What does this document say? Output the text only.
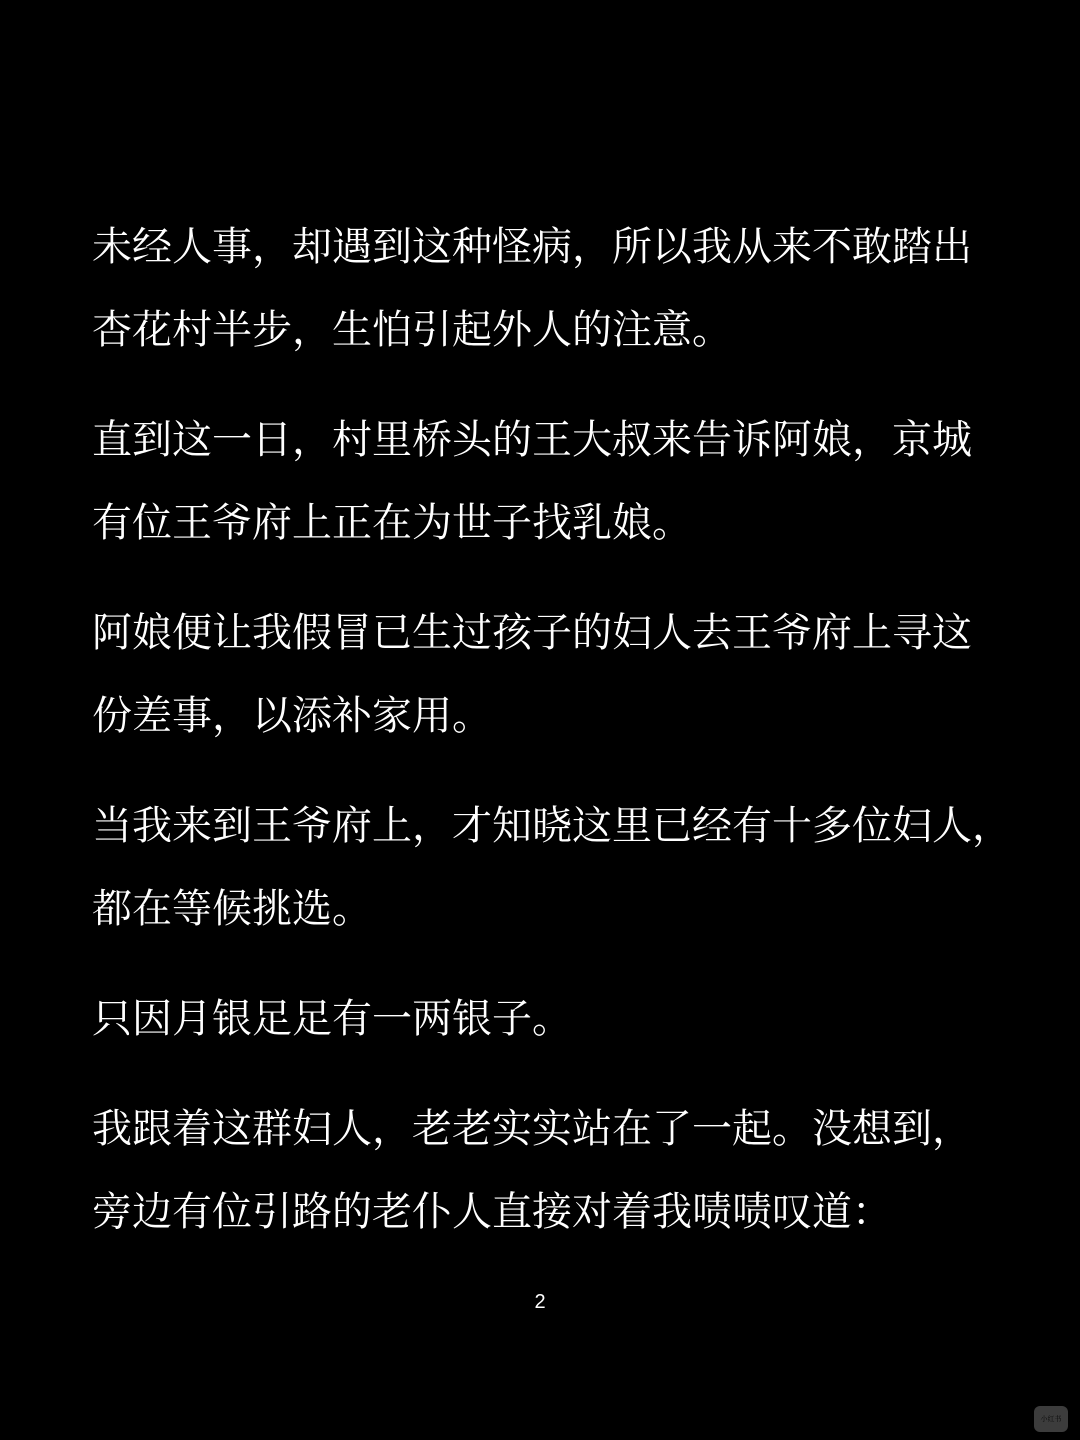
未经人事，却遇到这种怪病，所以我从来不敢踏出
杏花村半步，生怕引起外人的注意。
直到这一日，村里桥头的王大叔来告诉阿娘，京城
有位王爷府上正在为世子找乳娘。
阿娘便让我假冒已生过孩子的妇人去王爷府上寻这
份差事，以添补家用。
当我来到王爷府上，才知晓这里已经有十多位妇人，
都在等候挑选。
只因月银足足有一两银子。
我跟着这群妇人，老老实实站在了一起。没想到，
旁边有位引路的老仆人直接对着我啧啧叹道：
2
小红书
